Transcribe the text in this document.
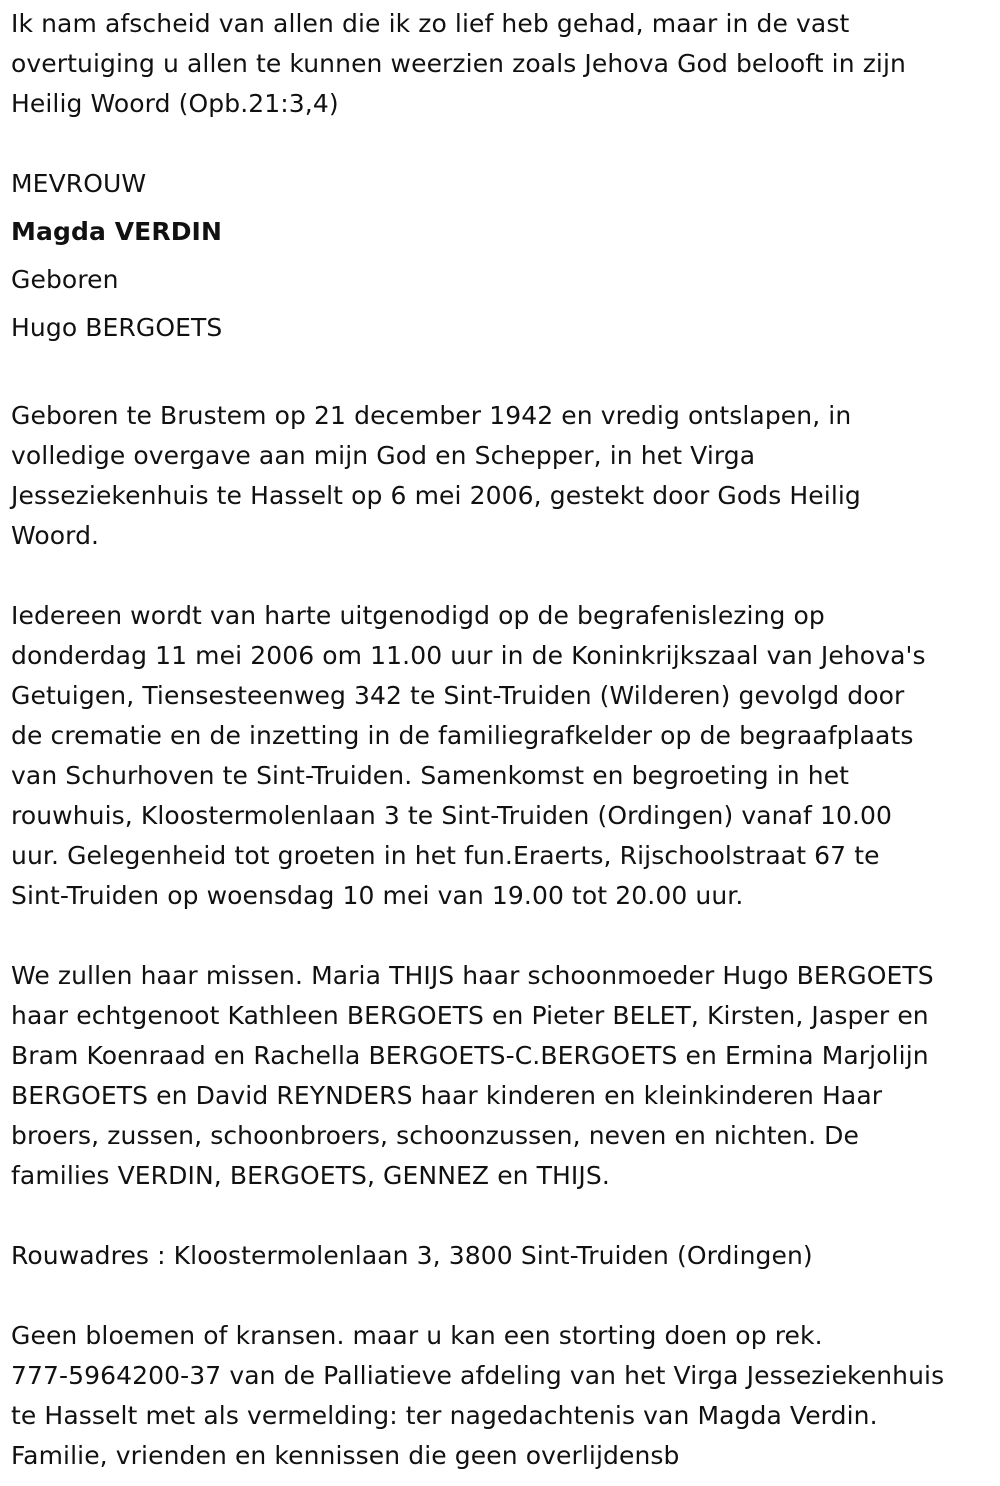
Ik nam afscheid van allen die ik zo lief heb gehad, maar in de vast
overtuiging u allen te kunnen weerzien zoals Jehova God belooft in zijn
Heilig Woord (Opb.21:3,4)

MEVROUW

Magda VERDIN

Geboren

Hugo BERGOETS

Geboren te Brustem op 21 december 1942 en vredig ontslapen, in
volledige overgave aan mijn God en Schepper, in het Virga
Jesseziekenhuis te Hasselt op 6 mei 2006, gestekt door Gods Heilig
Woord.

Iedereen wordt van harte uitgenodigd op de begrafenislezing op
donderdag 11 mei 2006 om 11.00 uur in de Koninkrijkszaal van Jehova's
Getuigen, Tiensesteenweg 342 te Sint-Truiden (Wilderen) gevolgd door
de crematie en de inzetting in de familiegrafkelder op de begraafplaats
van Schurhoven te Sint-Truiden. Samenkomst en begroeting in het
rouwhuis, Kloostermolenlaan 3 te Sint-Truiden (Ordingen) vanaf 10.00
uur. Gelegenheid tot groeten in het fun.Eraerts, Rijschoolstraat 67 te
Sint-Truiden op woensdag 10 mei van 19.00 tot 20.00 uur.

We zullen haar missen. Maria THIJS haar schoonmoeder Hugo BERGOETS
haar echtgenoot Kathleen BERGOETS en Pieter BELET, Kirsten, Jasper en
Bram Koenraad en Rachella BERGOETS-C.BERGOETS en Ermina Marjolijn
BERGOETS en David REYNDERS haar kinderen en kleinkinderen Haar
broers, zussen, schoonbroers, schoonzussen, neven en nichten. De
families VERDIN, BERGOETS, GENNEZ en THIJS.

Rouwadres : Kloostermolenlaan 3, 3800 Sint-Truiden (Ordingen)

Geen bloemen of kransen. maar u kan een storting doen op rek.
777-5964200-37 van de Palliatieve afdeling van het Virga Jesseziekenhuis
te Hasselt met als vermelding: ter nagedachtenis van Magda Verdin.
Familie, vrienden en kennissen die geen overlijdensb
